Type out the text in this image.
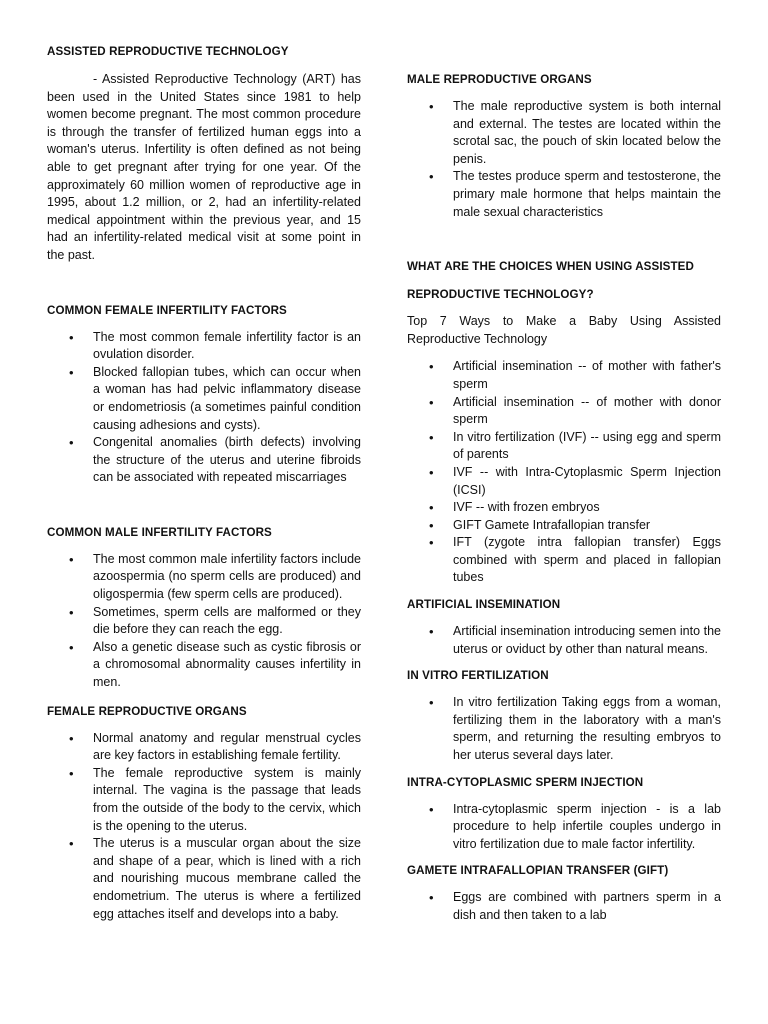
ASSISTED REPRODUCTIVE TECHNOLOGY

- Assisted Reproductive Technology (ART) has been used in the United States since 1981 to help women become pregnant. The most common procedure is through the transfer of fertilized human eggs into a woman's uterus. Infertility is often defined as not being able to get pregnant after trying for one year. Of the approximately 60 million women of reproductive age in 1995, about 1.2 million, or 2, had an infertility-related medical appointment within the previous year, and 15 had an infertility-related medical visit at some point in the past.

COMMON FEMALE INFERTILITY FACTORS
• The most common female infertility factor is an ovulation disorder.
• Blocked fallopian tubes, which can occur when a woman has had pelvic inflammatory disease or endometriosis (a sometimes painful condition causing adhesions and cysts).
• Congenital anomalies (birth defects) involving the structure of the uterus and uterine fibroids can be associated with repeated miscarriages
COMMON MALE INFERTILITY FACTORS
• The most common male infertility factors include azoospermia (no sperm cells are produced) and oligospermia (few sperm cells are produced).
• Sometimes, sperm cells are malformed or they die before they can reach the egg.
• Also a genetic disease such as cystic fibrosis or a chromosomal abnormality causes infertility in men.
FEMALE REPRODUCTIVE ORGANS
• Normal anatomy and regular menstrual cycles are key factors in establishing female fertility.
• The female reproductive system is mainly internal. The vagina is the passage that leads from the outside of the body to the cervix, which is the opening to the uterus.
• The uterus is a muscular organ about the size and shape of a pear, which is lined with a rich and nourishing mucous membrane called the endometrium. The uterus is where a fertilized egg attaches itself and develops into a baby.
MALE REPRODUCTIVE ORGANS
• The male reproductive system is both internal and external. The testes are located within the scrotal sac, the pouch of skin located below the penis.
• The testes produce sperm and testosterone, the primary male hormone that helps maintain the male sexual characteristics
WHAT ARE THE CHOICES WHEN USING ASSISTED
REPRODUCTIVE TECHNOLOGY?

Top 7 Ways to Make a Baby Using Assisted Reproductive Technology

• Artificial insemination -- of mother with father's sperm
• Artificial insemination -- of mother with donor sperm
• In vitro fertilization (IVF) -- using egg and sperm of parents
• IVF -- with Intra-Cytoplasmic Sperm Injection (ICSI)
• IVF -- with frozen embryos
• GIFT Gamete Intrafallopian transfer
• IFT (zygote intra fallopian transfer) Eggs combined with sperm and placed in fallopian tubes
ARTIFICIAL INSEMINATION
• Artificial insemination introducing semen into the uterus or oviduct by other than natural means.
IN VITRO FERTILIZATION
• In vitro fertilization Taking eggs from a woman, fertilizing them in the laboratory with a man's sperm, and returning the resulting embryos to her uterus several days later.
INTRA-CYTOPLASMIC SPERM INJECTION
• Intra-cytoplasmic sperm injection - is a lab procedure to help infertile couples undergo in vitro fertilization due to male factor infertility.
GAMETE INTRAFALLOPIAN TRANSFER (GIFT)
• Eggs are combined with partners sperm in a dish and then taken to a lab
